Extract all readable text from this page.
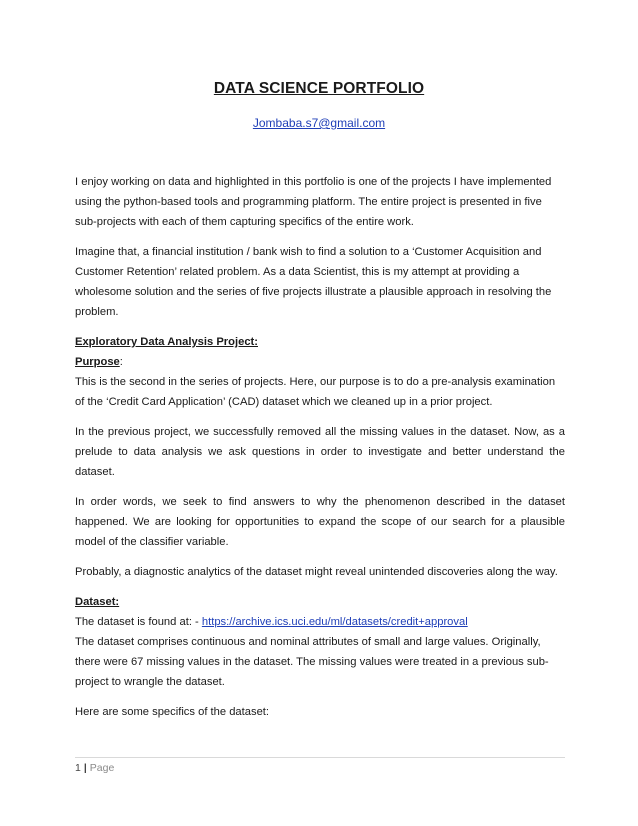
DATA SCIENCE PORTFOLIO
Jombaba.s7@gmail.com

I enjoy working on data and highlighted in this portfolio is one of the projects I have implemented using the python-based tools and programming platform. The entire project is presented in five sub-projects with each of them capturing specifics of the entire work.

Imagine that, a financial institution / bank wish to find a solution to a ‘Customer Acquisition and Customer Retention’ related problem. As a data Scientist, this is my attempt at providing a wholesome solution and the series of five projects illustrate a plausible approach in resolving the problem.

Exploratory Data Analysis Project:
Purpose:
This is the second in the series of projects. Here, our purpose is to do a pre-analysis examination of the ‘Credit Card Application’ (CAD) dataset which we cleaned up in a prior project.

In the previous project, we successfully removed all the missing values in the dataset. Now, as a prelude to data analysis we ask questions in order to investigate and better understand the dataset.

In order words, we seek to find answers to why the phenomenon described in the dataset happened. We are looking for opportunities to expand the scope of our search for a plausible model of the classifier variable.

Probably, a diagnostic analytics of the dataset might reveal unintended discoveries along the way.

Dataset:
The dataset is found at: - https://archive.ics.uci.edu/ml/datasets/credit+approval
The dataset comprises continuous and nominal attributes of small and large values. Originally, there were 67 missing values in the dataset. The missing values were treated in a previous sub-project to wrangle the dataset.

Here are some specifics of the dataset:

1 | Page
